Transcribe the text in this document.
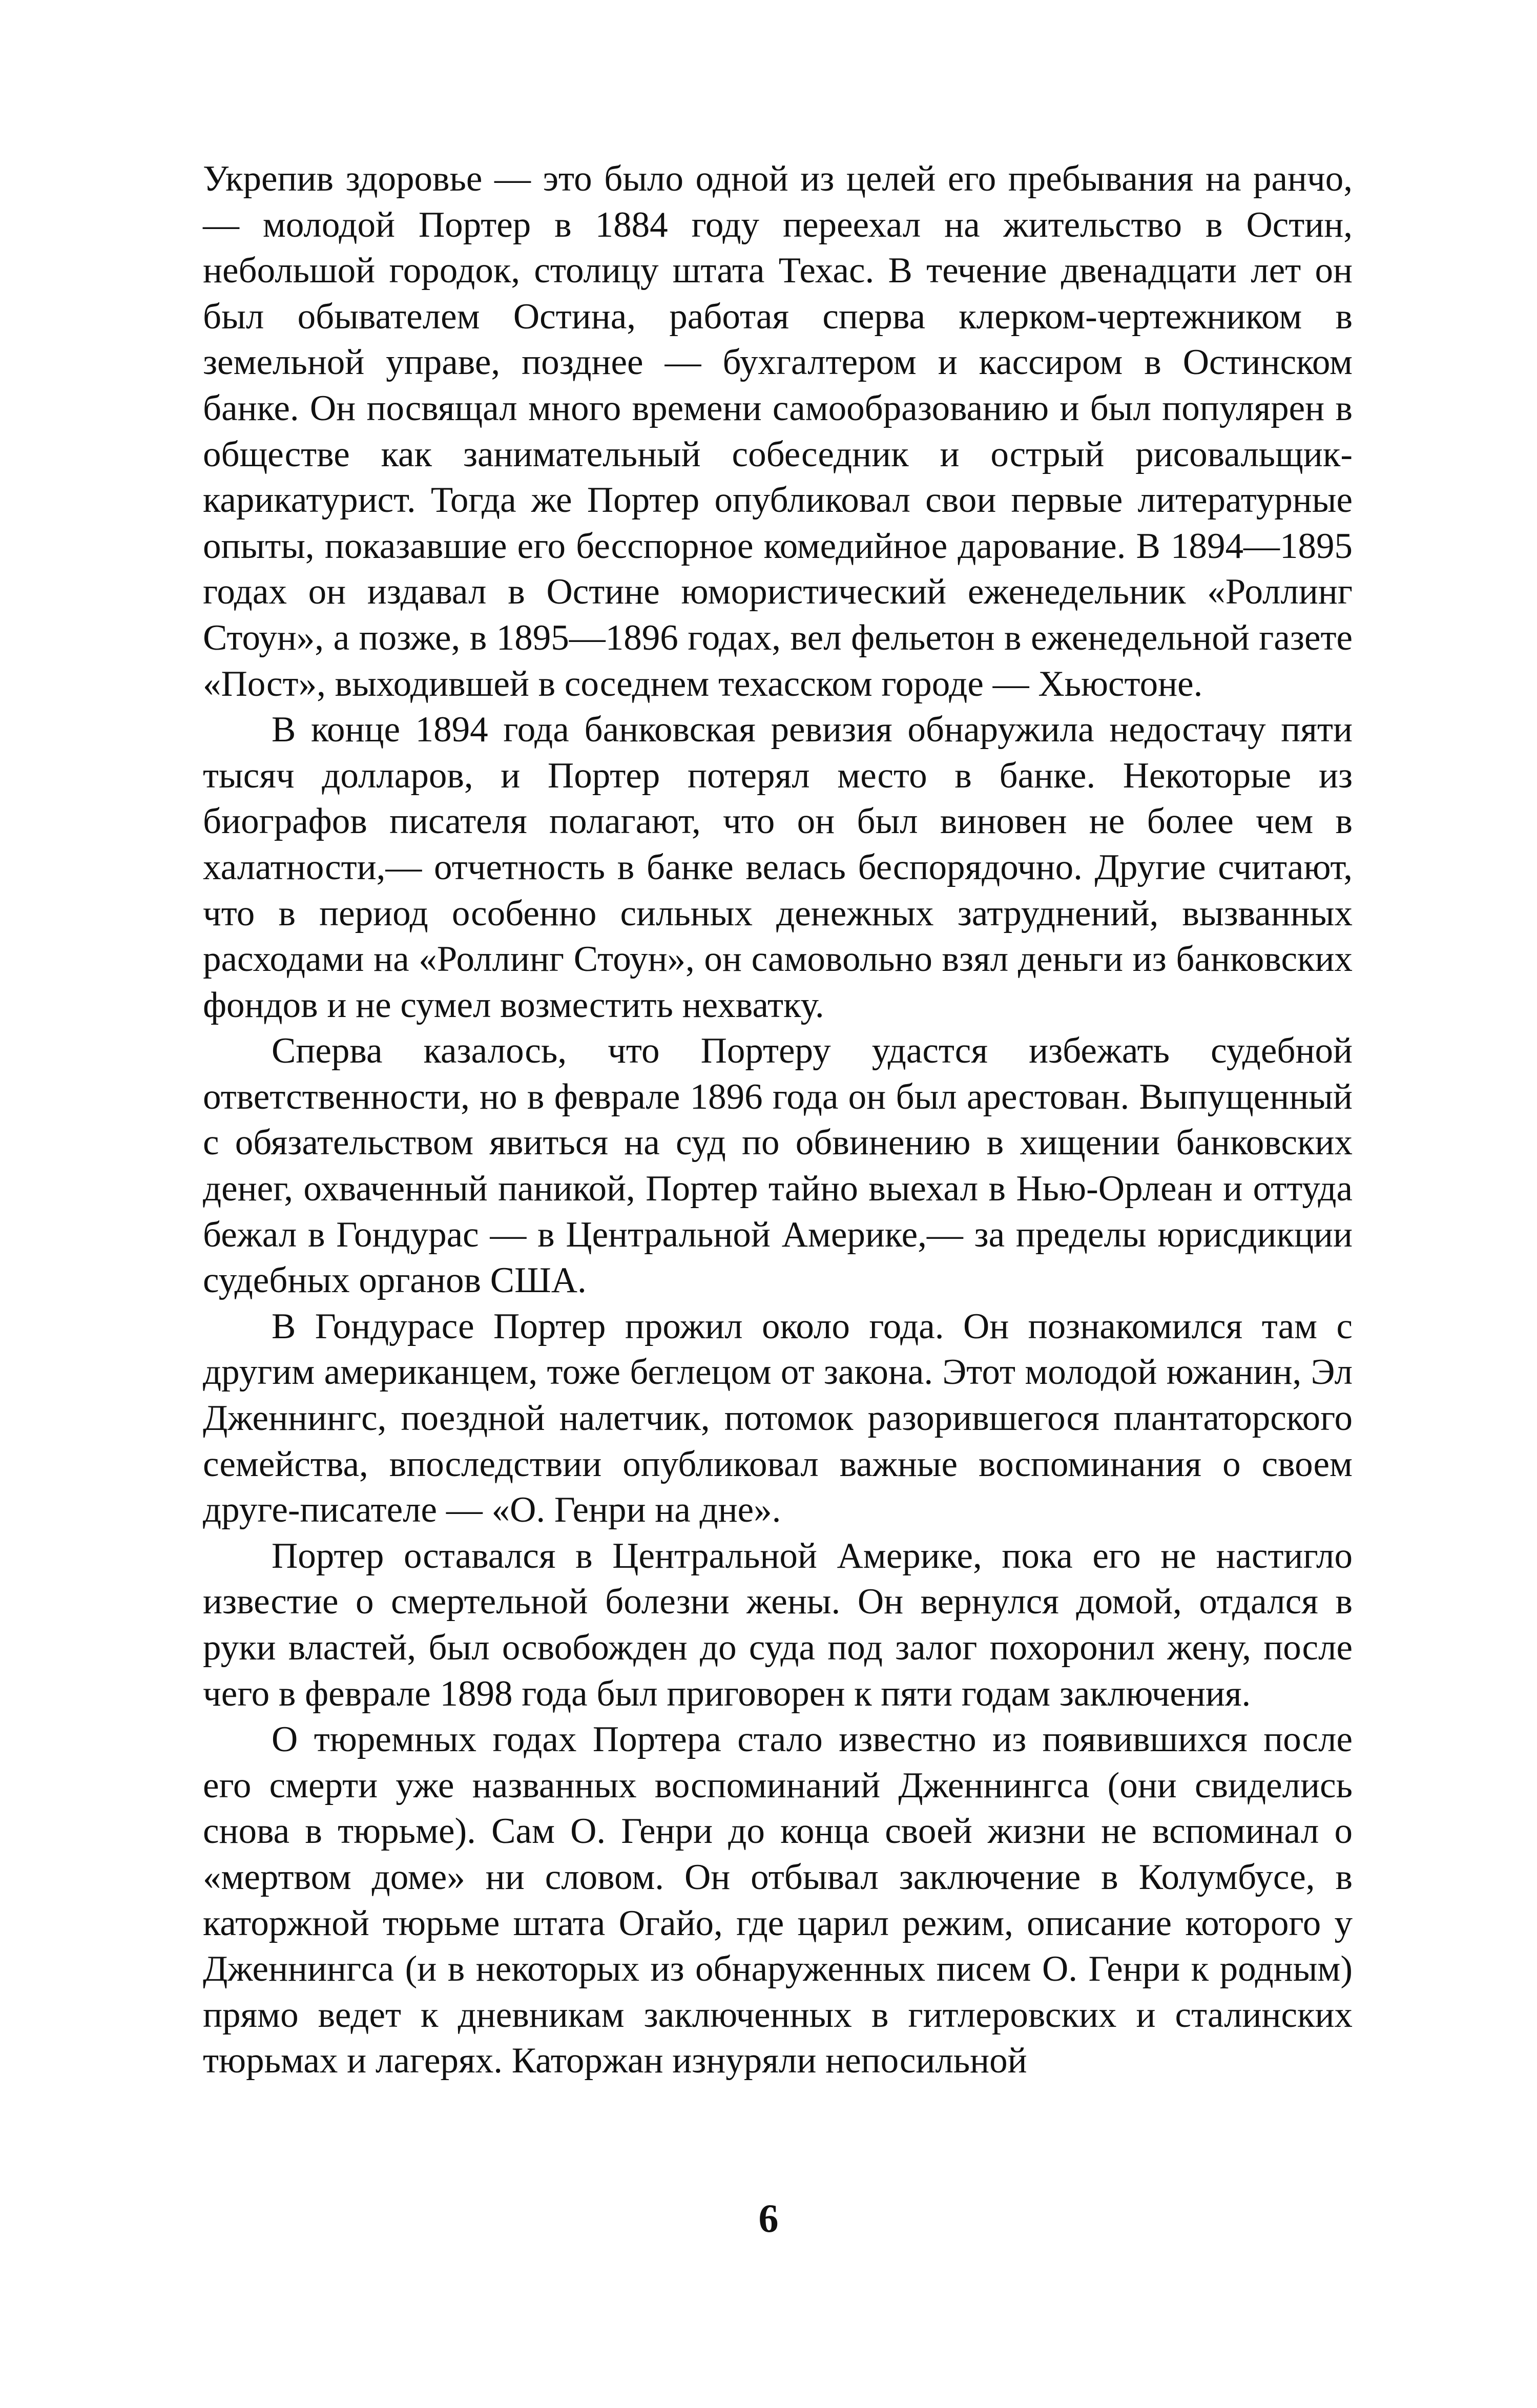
Укрепив здоровье — это было одной из целей его пребывания на ранчо,— молодой Портер в 1884 году переехал на жительство в Остин, небольшой городок, столицу штата Техас. В течение двенадцати лет он был обывателем Остина, работая сперва клерком-чертежником в земельной управе, позднее — бухгалтером и кассиром в Остинском банке. Он посвящал много времени самообразованию и был популярен в обществе как занимательный собеседник и острый рисовальщик-карикатурист. Тогда же Портер опубликовал свои первые литературные опыты, показавшие его бесспорное комедийное дарование. В 1894—1895 годах он издавал в Остине юмористический еженедельник «Роллинг Стоун», а позже, в 1895—1896 годах, вел фельетон в еженедельной газете «Пост», выходившей в соседнем техасском городе — Хьюстоне.

В конце 1894 года банковская ревизия обнаружила недостачу пяти тысяч долларов, и Портер потерял место в банке. Некоторые из биографов писателя полагают, что он был виновен не более чем в халатности,— отчетность в банке велась беспорядочно. Другие считают, что в период особенно сильных денежных затруднений, вызванных расходами на «Роллинг Стоун», он самовольно взял деньги из банковских фондов и не сумел возместить нехватку.

Сперва казалось, что Портеру удастся избежать судебной ответственности, но в феврале 1896 года он был арестован. Выпущенный с обязательством явиться на суд по обвинению в хищении банковских денег, охваченный паникой, Портер тайно выехал в Нью-Орлеан и оттуда бежал в Гондурас — в Центральной Америке,— за пределы юрисдикции судебных органов США.

В Гондурасе Портер прожил около года. Он познакомился там с другим американцем, тоже беглецом от закона. Этот молодой южанин, Эл Дженнингс, поездной налетчик, потомок разорившегося плантаторского семейства, впоследствии опубликовал важные воспоминания о своем друге-писателе — «О. Генри на дне».

Портер оставался в Центральной Америке, пока его не настигло известие о смертельной болезни жены. Он вернулся домой, отдался в руки властей, был освобожден до суда под залог похоронил жену, после чего в феврале 1898 года был приговорен к пяти годам заключения.

О тюремных годах Портера стало известно из появившихся после его смерти уже названных воспоминаний Дженнингса (они свиделись снова в тюрьме). Сам О. Генри до конца своей жизни не вспоминал о «мертвом доме» ни словом. Он отбывал заключение в Колумбусе, в каторжной тюрьме штата Огайо, где царил режим, описание которого у Дженнингса (и в некоторых из обнаруженных писем О. Генри к родным) прямо ведет к дневникам заключенных в гитлеровских и сталинских тюрьмах и лагерях. Каторжан изнуряли непосильной

6
